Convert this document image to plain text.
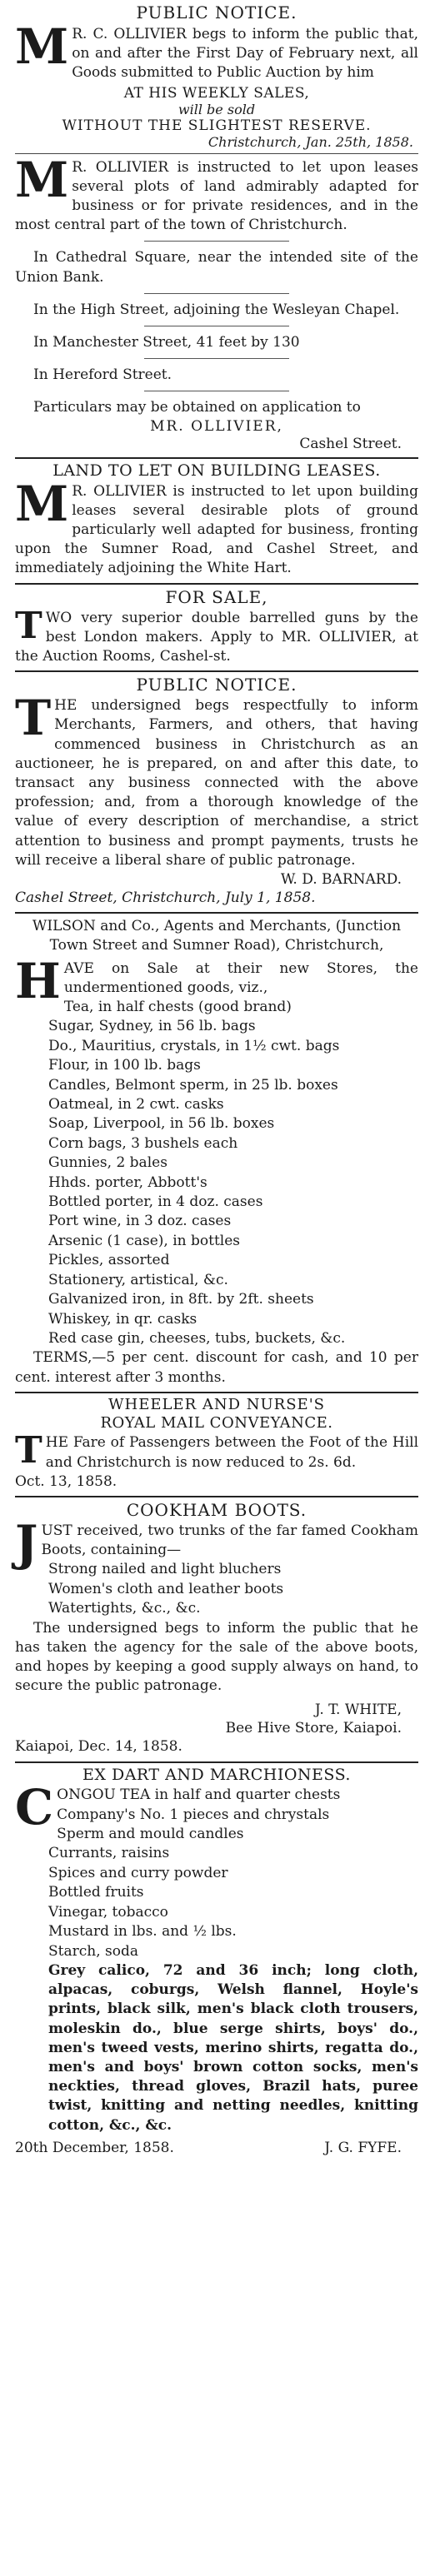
PUBLIC NOTICE.
M R. C. OLLIVIER begs to inform the public that, on and after the First Day of February next, all Goods submitted to Public Auction by him
AT HIS WEEKLY SALES,
will be sold
WITHOUT THE SLIGHTEST RESERVE.
Christchurch, Jan. 25th, 1858.
M R. OLLIVIER is instructed to let upon leases several plots of land admirably adapted for business or for private residences, and in the most central part of the town of Christchurch.
In Cathedral Square, near the intended site of the Union Bank.
In the High Street, adjoining the Wesleyan Chapel.
In Manchester Street, 41 feet by 130
In Hereford Street.
Particulars may be obtained on application to
MR. OLLIVIER,
Cashel Street.
LAND TO LET ON BUILDING LEASES.
M R. OLLIVIER is instructed to let upon building leases several desirable plots of ground particularly well adapted for business, fronting upon the Sumner Road, and Cashel Street, and immediately adjoining the White Hart.
FOR SALE,
TWO very superior double barrelled guns by the best London makers. Apply to MR. OLLIVIER, at the Auction Rooms, Cashel-st.
PUBLIC NOTICE.
THE undersigned begs respectfully to inform Merchants, Farmers, and others, that having commenced business in Christchurch as an auctioneer, he is prepared, on and after this date, to transact any business connected with the above profession; and, from a thorough knowledge of the value of every description of merchandise, a strict attention to business and prompt payments, trusts he will receive a liberal share of public patronage.
W. D. BARNARD.
Cashel Street, Christchurch, July 1, 1858.
WILSON and Co., Agents and Merchants, (Junction Town Street and Sumner Road), Christchurch,
HAVE on Sale at their new Stores, the undermentioned goods, viz.,
Tea, in half chests (good brand)
Sugar, Sydney, in 56 lb. bags
Do., Mauritius, crystals, in 1½ cwt. bags
Flour, in 100 lb. bags
Candles, Belmont sperm, in 25 lb. boxes
Oatmeal, in 2 cwt. casks
Soap, Liverpool, in 56 lb. boxes
Corn bags, 3 bushels each
Gunnies, 2 bales
Hhds. porter, Abbott's
Bottled porter, in 4 doz. cases
Port wine, in 3 doz. cases
Arsenic (1 case), in bottles
Pickles, assorted
Stationery, artistical, &c.
Galvanized iron, in 8ft. by 2ft. sheets
Whiskey, in qr. casks
Red case gin, cheeses, tubs, buckets, &c.
TERMS,—5 per cent. discount for cash, and 10 per cent. interest after 3 months.
WHEELER AND NURSE'S
ROYAL MAIL CONVEYANCE.
THE Fare of Passengers between the Foot of the Hill and Christchurch is now reduced to 2s. 6d.
Oct. 13, 1858.
COOKHAM BOOTS.
JUST received, two trunks of the far famed Cookham Boots, containing—
Strong nailed and light bluchers
Women's cloth and leather boots
Watertights, &c., &c.
The undersigned begs to inform the public that he has taken the agency for the sale of the above boots, and hopes by keeping a good supply always on hand, to secure the public patronage.
J. T. WHITE,
Bee Hive Store, Kaiapoi.
Kaiapoi, Dec. 14, 1858.
EX DART AND MARCHIONESS.
CONGOU TEA in half and quarter chests
Company's No. 1 pieces and chrystals
Sperm and mould candles
Currants, raisins
Spices and curry powder
Bottled fruits
Vinegar, tobacco
Mustard in lbs. and ½ lbs.
Starch, soda
Grey calico, 72 and 36 inch; long cloth, alpacas, coburgs, Welsh flannel, Hoyle's prints, black silk, men's black cloth trousers, moleskin do., blue serge shirts, boys' do., men's tweed vests, merino shirts, regatta do., men's and boys' brown cotton socks, men's neckties, thread gloves, Brazil hats, puree twist, knitting and netting needles, knitting cotton, &c., &c.
20th December, 1858.	J. G. FYFE.
